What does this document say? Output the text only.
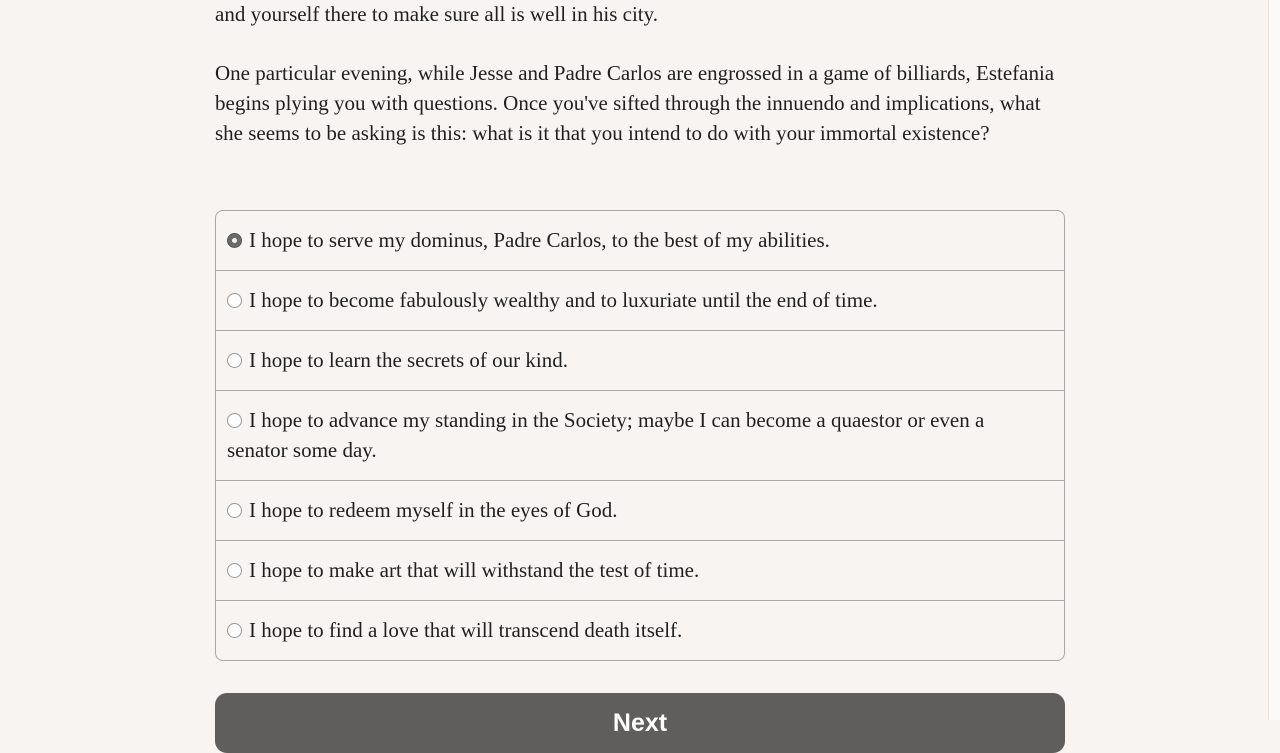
and yourself there to make sure all is well in his city.

One particular evening, while Jesse and Padre Carlos are engrossed in a game of billiards, Estefania begins plying you with questions. Once you've sifted through the innuendo and implications, what she seems to be asking is this: what is it that you intend to do with your immortal existence?

I hope to serve my dominus, Padre Carlos, to the best of my abilities.
I hope to become fabulously wealthy and to luxuriate until the end of time.
I hope to learn the secrets of our kind.
I hope to advance my standing in the Society; maybe I can become a quaestor or even a senator some day.
I hope to redeem myself in the eyes of God.
I hope to make art that will withstand the test of time.
I hope to find a love that will transcend death itself.
Next
